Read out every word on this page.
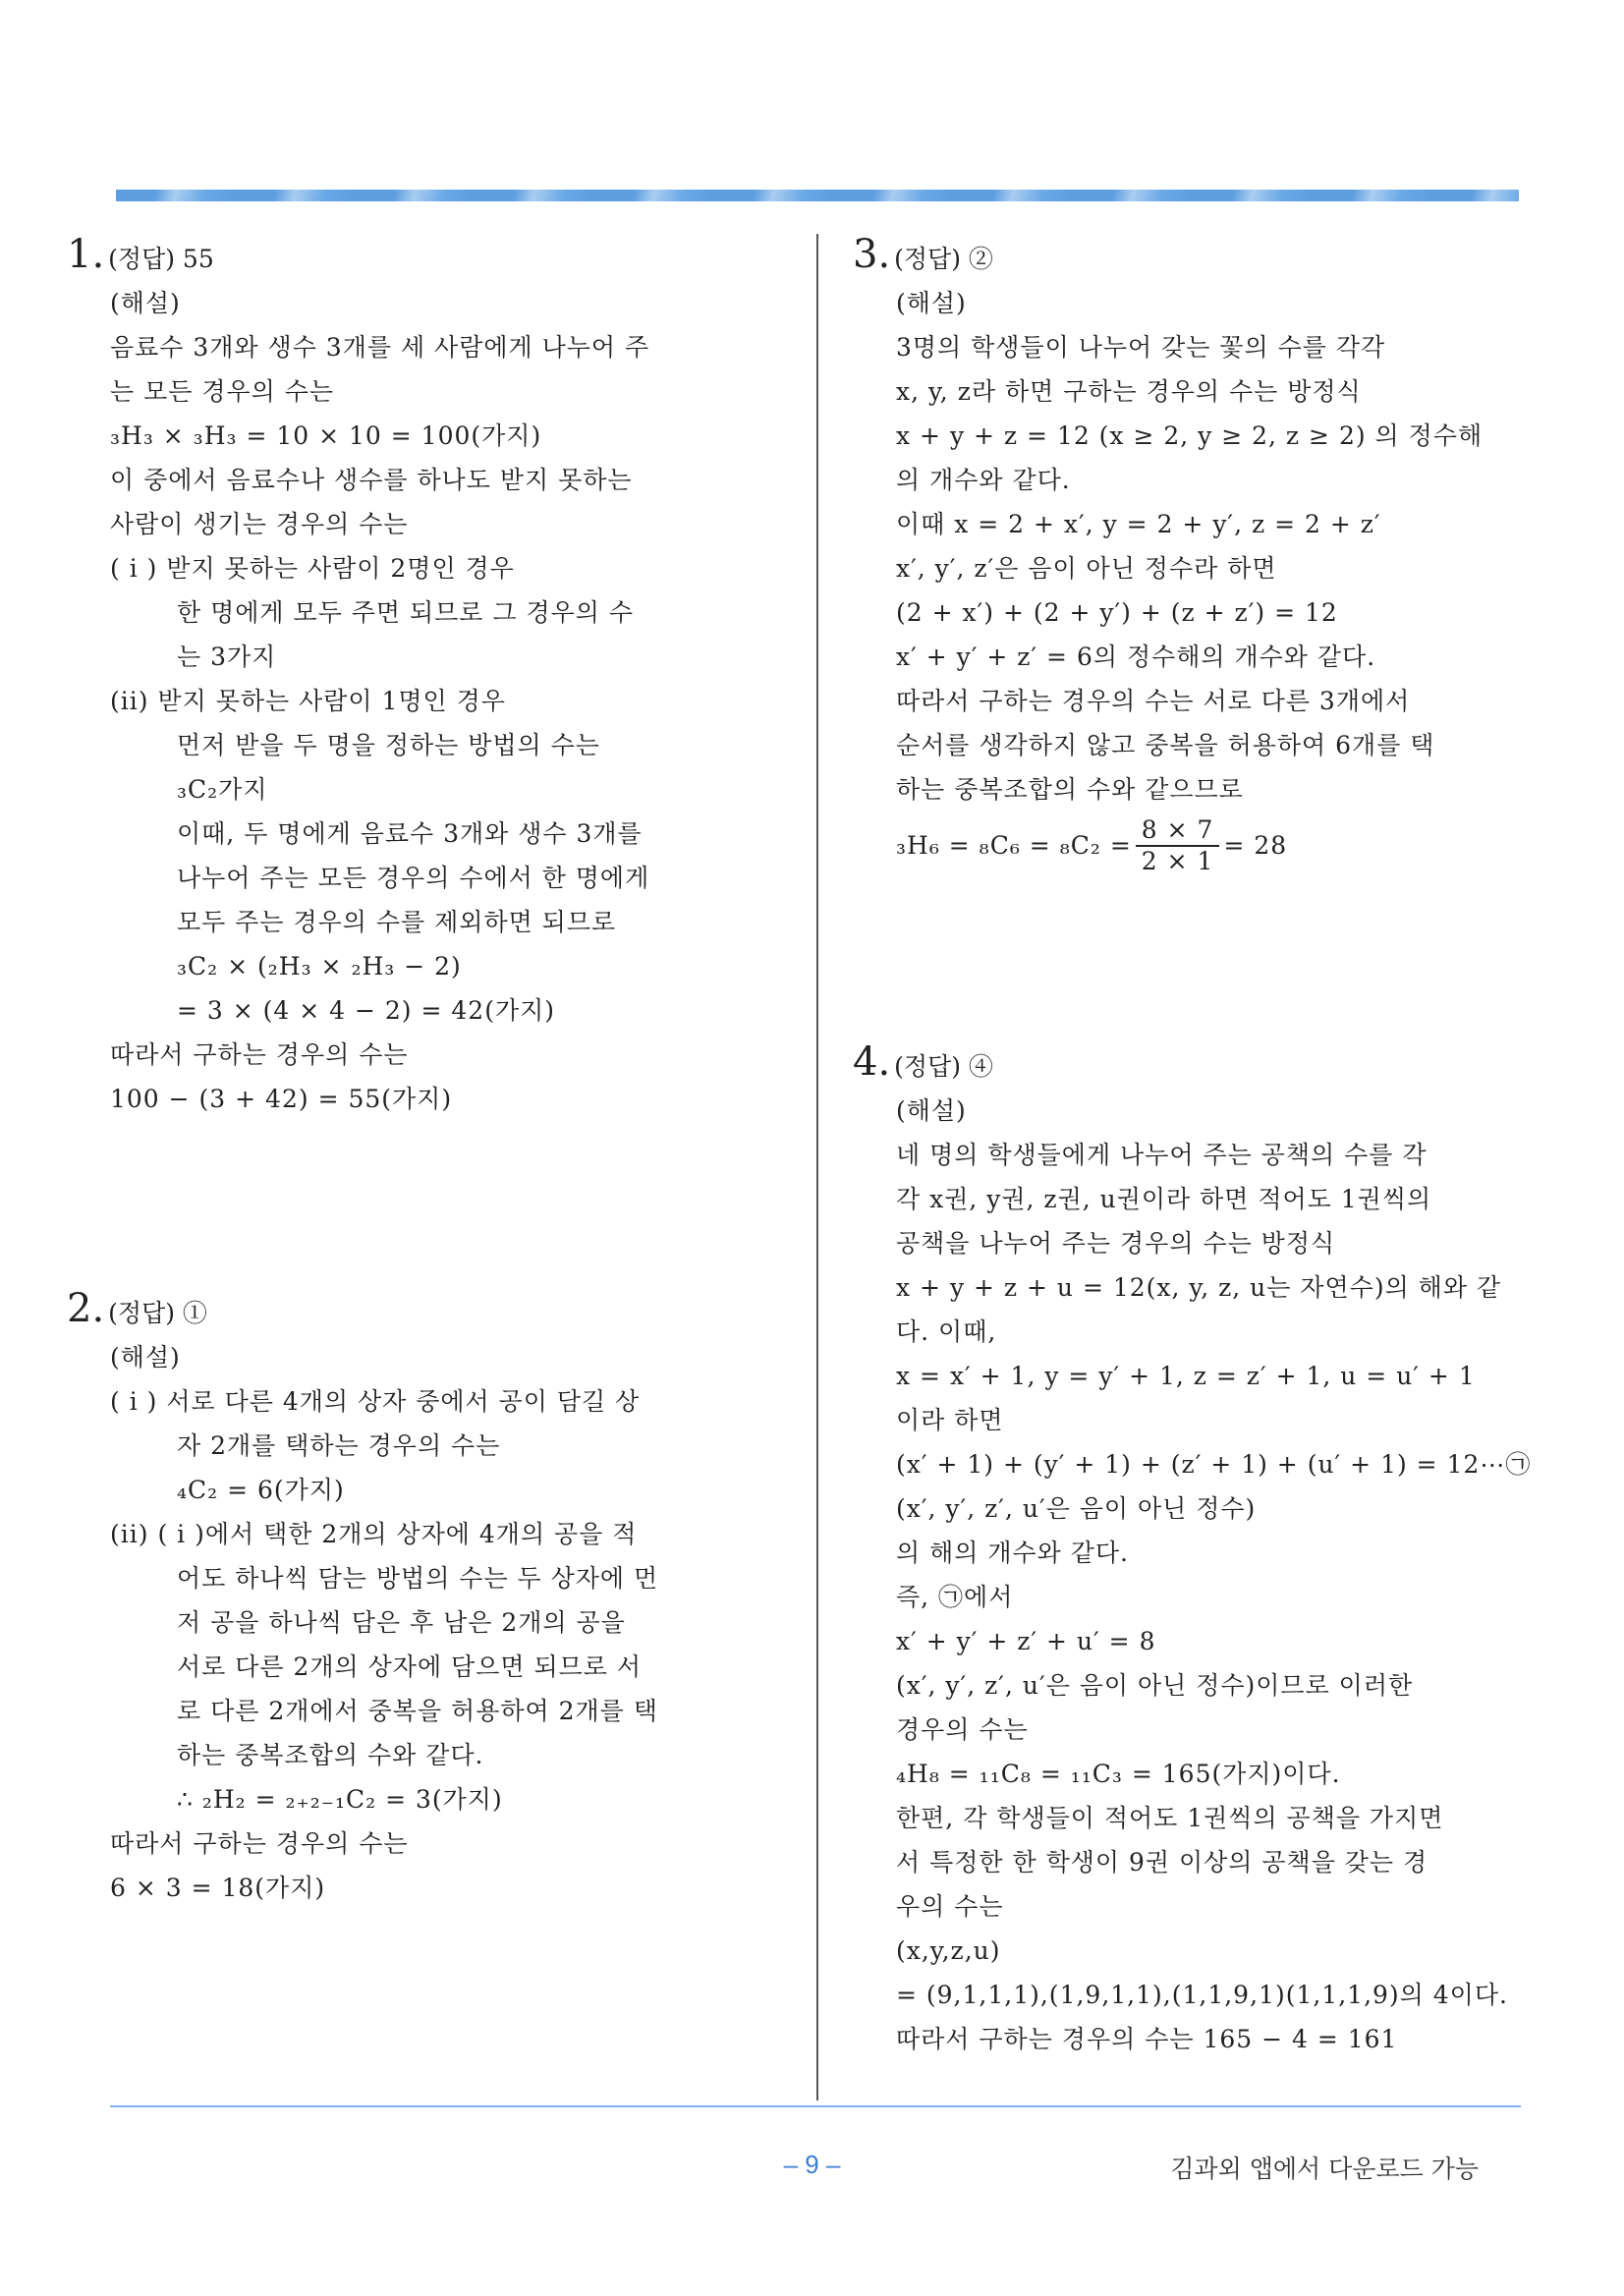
1. (정답) 55
(해설)
음료수 3개와 생수 3개를 세 사람에게 나누어 주
는 모든 경우의 수는
₃H₃ × ₃H₃ = 10 × 10 = 100(가지)
이 중에서 음료수나 생수를 하나도 받지 못하는
사람이 생기는 경우의 수는
( i ) 받지 못하는 사람이 2명인 경우
한 명에게 모두 주면 되므로 그 경우의 수
는 3가지
(ii) 받지 못하는 사람이 1명인 경우
먼저 받을 두 명을 정하는 방법의 수는
₃C₂가지
이때, 두 명에게 음료수 3개와 생수 3개를
나누어 주는 모든 경우의 수에서 한 명에게
모두 주는 경우의 수를 제외하면 되므로
₃C₂ × (₂H₃ × ₂H₃ − 2)
= 3 × (4 × 4 − 2) = 42(가지)
따라서 구하는 경우의 수는
100 − (3 + 42) = 55(가지)
2. (정답) ①
(해설)
( i ) 서로 다른 4개의 상자 중에서 공이 담길 상
자 2개를 택하는 경우의 수는
₄C₂ = 6(가지)
(ii) ( i )에서 택한 2개의 상자에 4개의 공을 적
어도 하나씩 담는 방법의 수는 두 상자에 먼
저 공을 하나씩 담은 후 남은 2개의 공을
서로 다른 2개의 상자에 담으면 되므로 서
로 다른 2개에서 중복을 허용하여 2개를 택
하는 중복조합의 수와 같다.
∴ ₂H₂ = ₂₊₂₋₁C₂ = 3(가지)
따라서 구하는 경우의 수는
6 × 3 = 18(가지)
3. (정답) ②
(해설)
3명의 학생들이 나누어 갖는 꽃의 수를 각각
x, y, z라 하면 구하는 경우의 수는 방정식
x + y + z = 12 (x ≥ 2, y ≥ 2, z ≥ 2) 의 정수해
의 개수와 같다.
이때 x = 2 + x′, y = 2 + y′, z = 2 + z′
x′, y′, z′은 음이 아닌 정수라 하면
(2 + x′) + (2 + y′) + (z + z′) = 12
x′ + y′ + z′ = 6의 정수해의 개수와 같다.
따라서 구하는 경우의 수는 서로 다른 3개에서
순서를 생각하지 않고 중복을 허용하여 6개를 택
하는 중복조합의 수와 같으므로
$_3H_6 = _8C_6 = _8C_2 = \frac{8 \times 7}{2 \times 1} = 28$
4. (정답) ④
(해설)
네 명의 학생들에게 나누어 주는 공책의 수를 각
각 x권, y권, z권, u권이라 하면 적어도 1권씩의
공책을 나누어 주는 경우의 수는 방정식
x + y + z + u = 12(x, y, z, u는 자연수)의 해와 같
다. 이때,
x = x′ + 1, y = y′ + 1, z = z′ + 1, u = u′ + 1
이라 하면
(x′ + 1) + (y′ + 1) + (z′ + 1) + (u′ + 1) = 12⋯㉠
(x′, y′, z′, u′은 음이 아닌 정수)
의 해의 개수와 같다.
즉, ㉠에서
x′ + y′ + z′ + u′ = 8
(x′, y′, z′, u′은 음이 아닌 정수)이므로 이러한
경우의 수는
₄H₈ = ₁₁C₈ = ₁₁C₃ = 165(가지)이다.
한편, 각 학생들이 적어도 1권씩의 공책을 가지면
서 특정한 한 학생이 9권 이상의 공책을 갖는 경
우의 수는
(x,y,z,u)
= (9,1,1,1),(1,9,1,1),(1,1,9,1)(1,1,1,9)의 4이다.
따라서 구하는 경우의 수는 165 − 4 = 161
– 9 –	김과외 앱에서 다운로드 가능
